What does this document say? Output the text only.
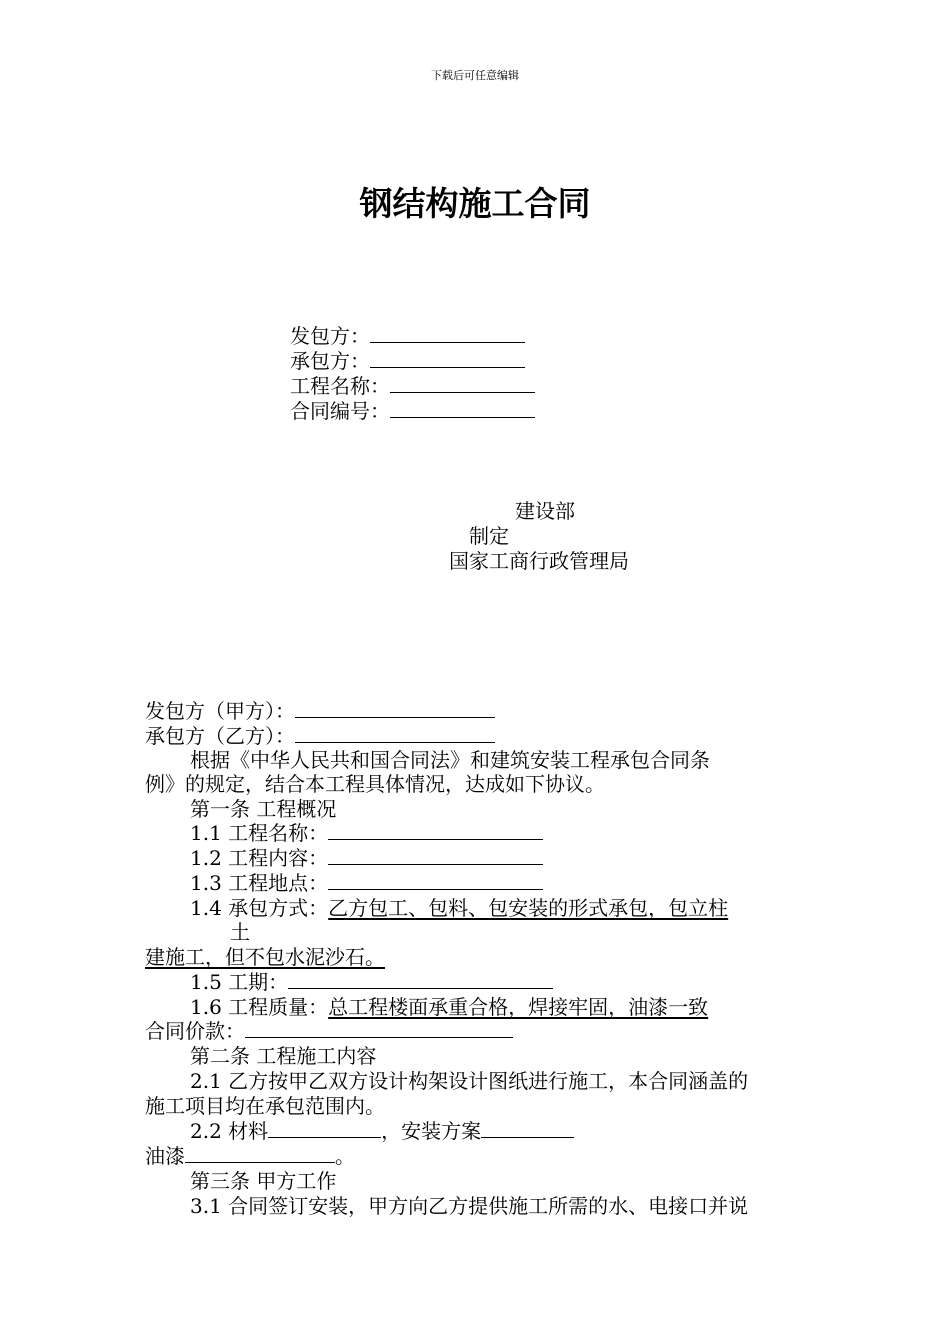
下载后可任意编辑
钢结构施工合同
发包方：
承包方：
工程名称：
合同编号：
建设部
制定
国家工商行政管理局
发包方（甲方）：
承包方（乙方）：
根据《中华人民共和国合同法》和建筑安装工程承包合同条
例》的规定，结合本工程具体情况，达成如下协议。
第一条 工程概况
1.1 工程名称：
1.2 工程内容：
1.3 工程地点：
1.4 承包方式：乙方包工、包料、包安装的形式承包，包立柱
土
建施工，但不包水泥沙石。
1.5 工期：
1.6 工程质量：总工程楼面承重合格，焊接牢固，油漆一致
合同价款：
第二条 工程施工内容
2.1 乙方按甲乙双方设计构架设计图纸进行施工，本合同涵盖的
施工项目均在承包范围内。
2.2 材料	，安装方案
油漆	。
第三条 甲方工作
3.1 合同签订安装，甲方向乙方提供施工所需的水、电接口并说
